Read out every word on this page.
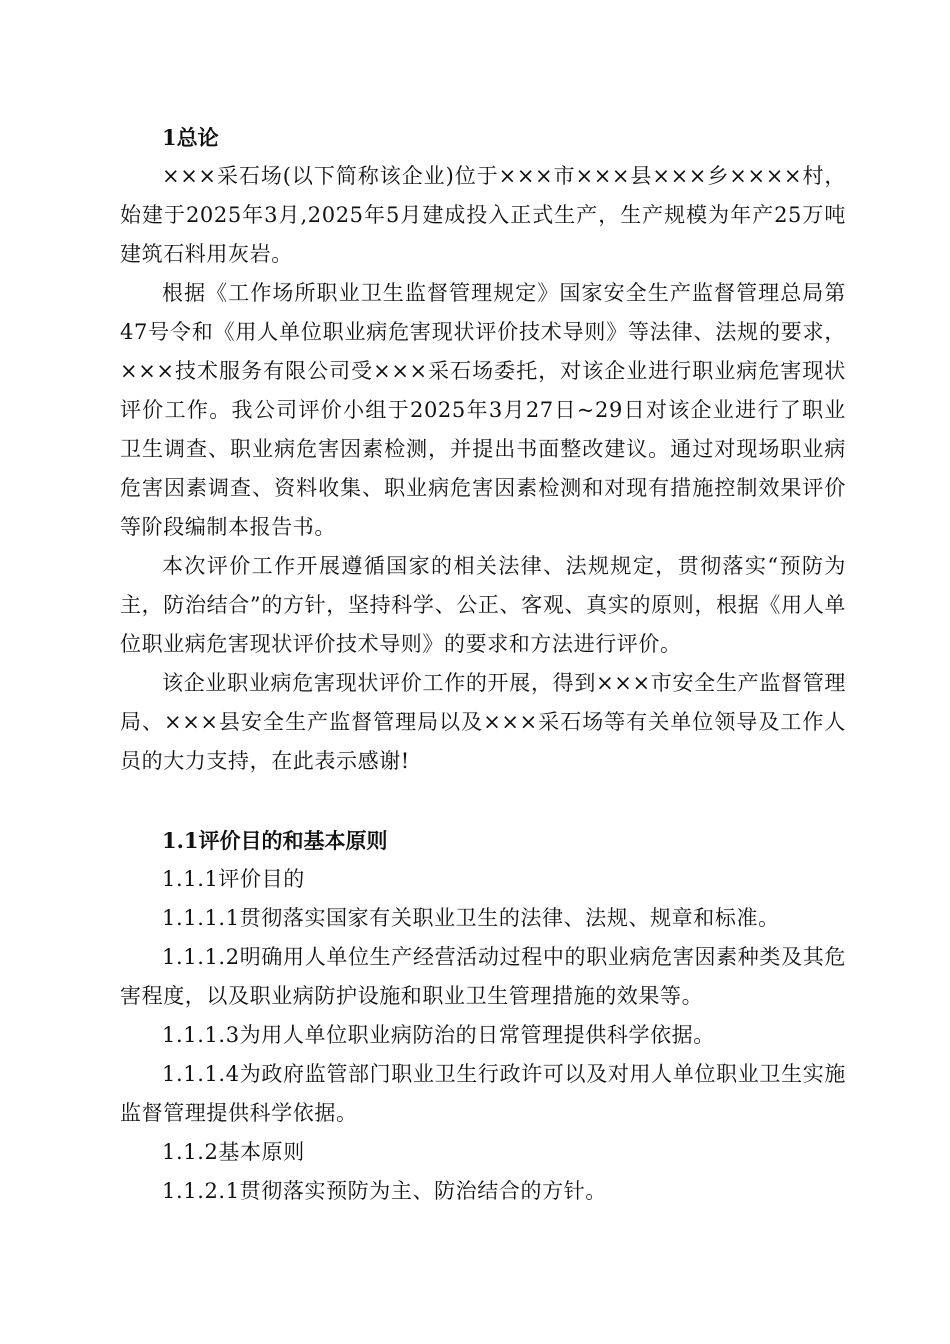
1总论

×××采石场(以下简称该企业)位于×××市×××县×××乡××××村，始建于2025年3月,2025年5月建成投入正式生产，生产规模为年产25万吨建筑石料用灰岩。

根据《工作场所职业卫生监督管理规定》国家安全生产监督管理总局第47号令和《用人单位职业病危害现状评价技术导则》等法律、法规的要求，×××技术服务有限公司受×××采石场委托，对该企业进行职业病危害现状评价工作。我公司评价小组于2025年3月27日~29日对该企业进行了职业卫生调查、职业病危害因素检测，并提出书面整改建议。通过对现场职业病危害因素调查、资料收集、职业病危害因素检测和对现有措施控制效果评价等阶段编制本报告书。

本次评价工作开展遵循国家的相关法律、法规规定，贯彻落实“预防为主，防治结合”的方针，坚持科学、公正、客观、真实的原则，根据《用人单位职业病危害现状评价技术导则》的要求和方法进行评价。

该企业职业病危害现状评价工作的开展，得到×××市安全生产监督管理局、×××县安全生产监督管理局以及×××采石场等有关单位领导及工作人员的大力支持，在此表示感谢!

1.1评价目的和基本原则

1.1.1评价目的

1.1.1.1贯彻落实国家有关职业卫生的法律、法规、规章和标准。

1.1.1.2明确用人单位生产经营活动过程中的职业病危害因素种类及其危害程度，以及职业病防护设施和职业卫生管理措施的效果等。

1.1.1.3为用人单位职业病防治的日常管理提供科学依据。

1.1.1.4为政府监管部门职业卫生行政许可以及对用人单位职业卫生实施监督管理提供科学依据。

1.1.2基本原则

1.1.2.1贯彻落实预防为主、防治结合的方针。
